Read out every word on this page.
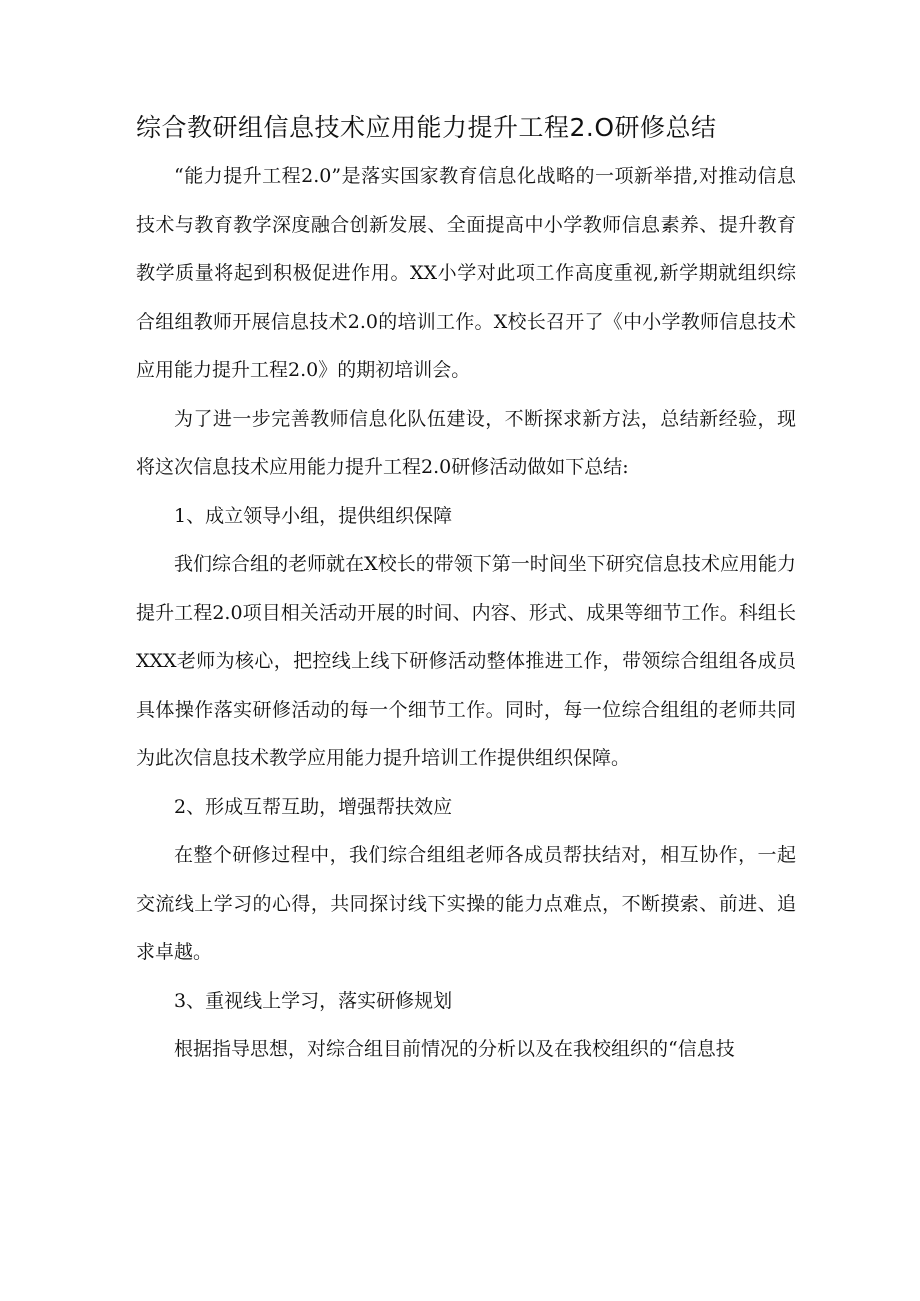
综合教研组信息技术应用能力提升工程2.O研修总结

“能力提升工程2.0”是落实国家教育信息化战略的一项新举措,对推动信息技术与教育教学深度融合创新发展、全面提高中小学教师信息素养、提升教育教学质量将起到积极促进作用。XX小学对此项工作高度重视,新学期就组织综合组组教师开展信息技术2.0的培训工作。X校长召开了《中小学教师信息技术应用能力提升工程2.0》的期初培训会。

为了进一步完善教师信息化队伍建设，不断探求新方法，总结新经验，现将这次信息技术应用能力提升工程2.0研修活动做如下总结:

1、成立领导小组，提供组织保障

我们综合组的老师就在X校长的带领下第一时间坐下研究信息技术应用能力提升工程2.0项目相关活动开展的时间、内容、形式、成果等细节工作。科组长XXX老师为核心，把控线上线下研修活动整体推进工作，带领综合组组各成员具体操作落实研修活动的每一个细节工作。同时，每一位综合组组的老师共同为此次信息技术教学应用能力提升培训工作提供组织保障。

2、形成互帮互助，增强帮扶效应

在整个研修过程中，我们综合组组老师各成员帮扶结对，相互协作，一起交流线上学习的心得，共同探讨线下实操的能力点难点，不断摸索、前进、追求卓越。

3、重视线上学习，落实研修规划

根据指导思想，对综合组目前情况的分析以及在我校组织的“信息技
